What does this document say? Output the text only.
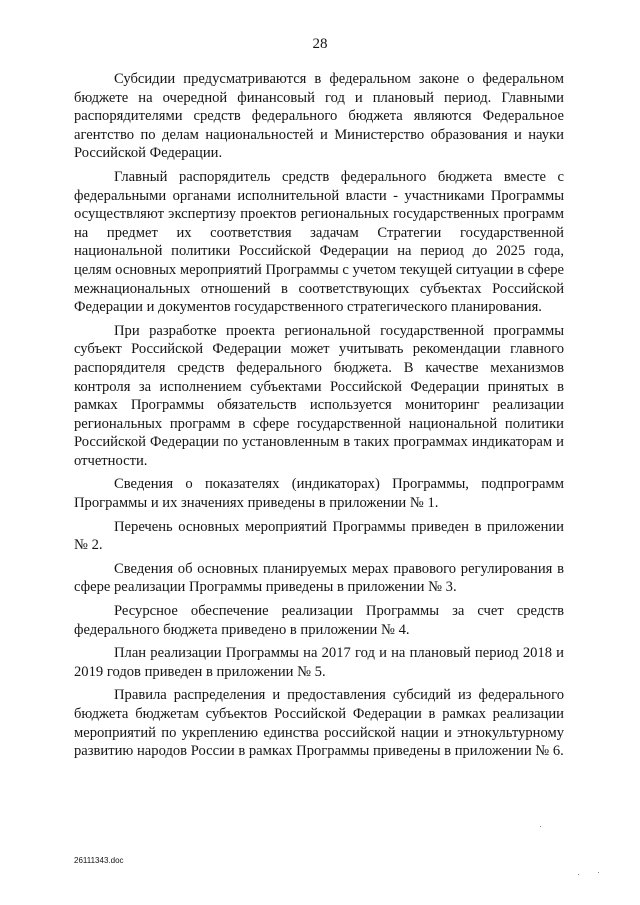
28

Субсидии предусматриваются в федеральном законе о федеральном бюджете на очередной финансовый год и плановый период. Главными распорядителями средств федерального бюджета являются Федеральное агентство по делам национальностей и Министерство образования и науки Российской Федерации.

Главный распорядитель средств федерального бюджета вместе с федеральными органами исполнительной власти - участниками Программы осуществляют экспертизу проектов региональных государственных программ на предмет их соответствия задачам Стратегии государственной национальной политики Российской Федерации на период до 2025 года, целям основных мероприятий Программы с учетом текущей ситуации в сфере межнациональных отношений в соответствующих субъектах Российской Федерации и документов государственного стратегического планирования.

При разработке проекта региональной государственной программы субъект Российской Федерации может учитывать рекомендации главного распорядителя средств федерального бюджета. В качестве механизмов контроля за исполнением субъектами Российской Федерации принятых в рамках Программы обязательств используется мониторинг реализации региональных программ в сфере государственной национальной политики Российской Федерации по установленным в таких программах индикаторам и отчетности.

Сведения о показателях (индикаторах) Программы, подпрограмм Программы и их значениях приведены в приложении № 1.

Перечень основных мероприятий Программы приведен в приложении № 2.

Сведения об основных планируемых мерах правового регулирования в сфере реализации Программы приведены в приложении № 3.

Ресурсное обеспечение реализации Программы за счет средств федерального бюджета приведено в приложении № 4.

План реализации Программы на 2017 год и на плановый период 2018 и 2019 годов приведен в приложении № 5.

Правила распределения и предоставления субсидий из федерального бюджета бюджетам субъектов Российской Федерации в рамках реализации мероприятий по укреплению единства российской нации и этнокультурному развитию народов России в рамках Программы приведены в приложении № 6.

26111343.doc
